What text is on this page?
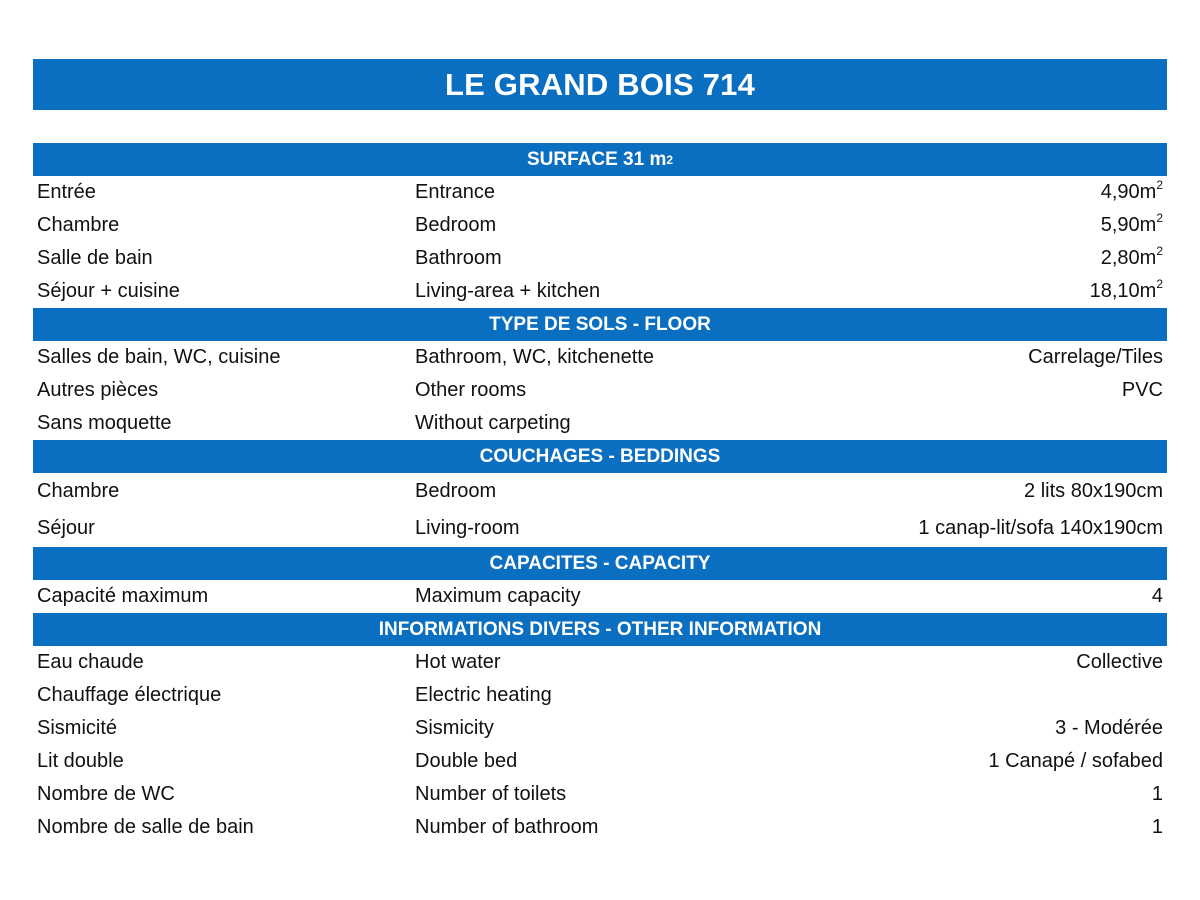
LE GRAND BOIS 714
SURFACE 31 m 2
Entrée	Entrance	$4,90m^2$
Chambre	Bedroom	$5,90m^2$
Salle de bain	Bathroom	$2,80m^2$
Séjour + cuisine	Living-area + kitchen	$18,10m^2$
TYPE DE SOLS - FLOOR
Salles de bain, WC, cuisine	Bathroom, WC, kitchenette	Carrelage/Tiles
Autres pièces	Other rooms	PVC
Sans moquette	Without carpeting
COUCHAGES - BEDDINGS
Chambre	Bedroom	2 lits 80x190cm
Séjour	Living-room	1 canap-lit/sofa 140x190cm
CAPACITES - CAPACITY
Capacité maximum	Maximum capacity	4
INFORMATIONS DIVERS - OTHER INFORMATION
Eau chaude	Hot water	Collective
Chauffage électrique	Electric heating
Sismicité	Sismicity	3 - Modérée
Lit double	Double bed	1 Canapé / sofabed
Nombre de WC	Number of toilets	1
Nombre de salle de bain	Number of bathroom	1
